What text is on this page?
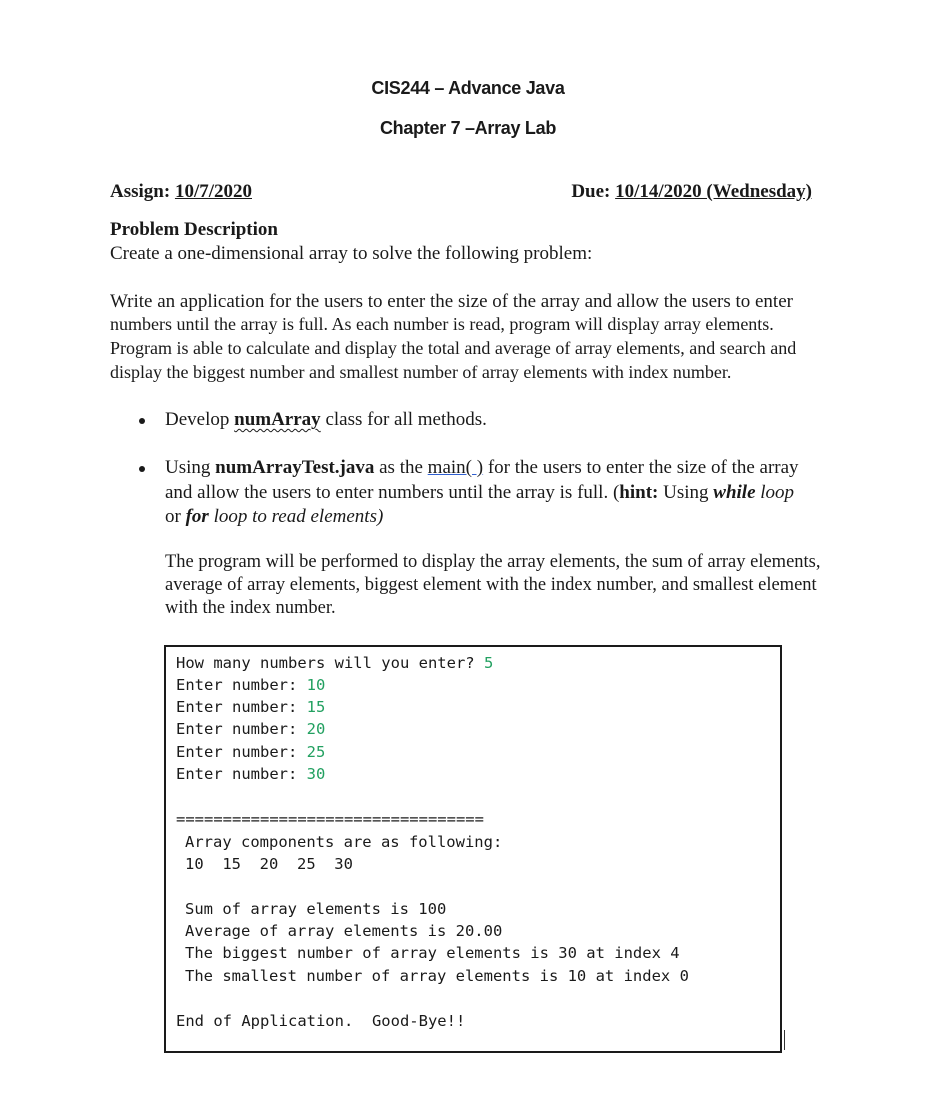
CIS244 – Advance Java
Chapter 7 –Array Lab
Assign: 10/7/2020	Due: 10/14/2020 (Wednesday)
Problem Description
Create a one-dimensional array to solve the following problem:
Write an application for the users to enter the size of the array and allow the users to enter
numbers until the array is full. As each number is read, program will display array elements.
Program is able to calculate and display the total and average of array elements, and search and
display the biggest number and smallest number of array elements with index number.
Develop numArray class for all methods.
Using numArrayTest.java as the main( ) for the users to enter the size of the array
and allow the users to enter numbers until the array is full. (hint: Using while loop
or for loop to read elements)
The program will be performed to display the array elements, the sum of array elements,
average of array elements, biggest element with the index number, and smallest element
with the index number.
How many numbers will you enter? 5
Enter number: 10
Enter number: 15
Enter number: 20
Enter number: 25
Enter number: 30
=================================
Array components are as following:
10  15  20  25  30
Sum of array elements is 100
Average of array elements is 20.00
The biggest number of array elements is 30 at index 4
The smallest number of array elements is 10 at index 0
End of Application.  Good-Bye!!
